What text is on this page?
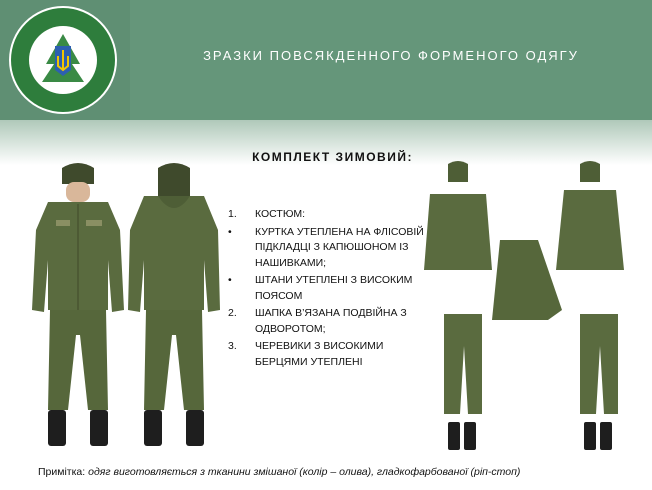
ЗРАЗКИ ПОВСЯКДЕННОГО ФОРМЕНОГО ОДЯГУ
КОМПЛЕКТ ЗИМОВИЙ:
1. КОСТЮМ:
• КУРТКА УТЕПЛЕНА НА ФЛІСОВІЙ
ПІДКЛАДЦІ З КАПЮШОНОМ ІЗ
НАШИВКАМИ;
• ШТАНИ УТЕПЛЕНІ З ВИСОКИМ
ПОЯСОМ
2. ШАПКА В’ЯЗАНА ПОДВІЙНА З
ОДВОРОТОМ;
3. ЧЕРЕВИКИ З ВИСОКИМИ
БЕРЦЯМИ УТЕПЛЕНІ
Примітка: одяг виготовляється з тканини змішаної (колір – олива), гладкофарбованої (ріп-стоп)
